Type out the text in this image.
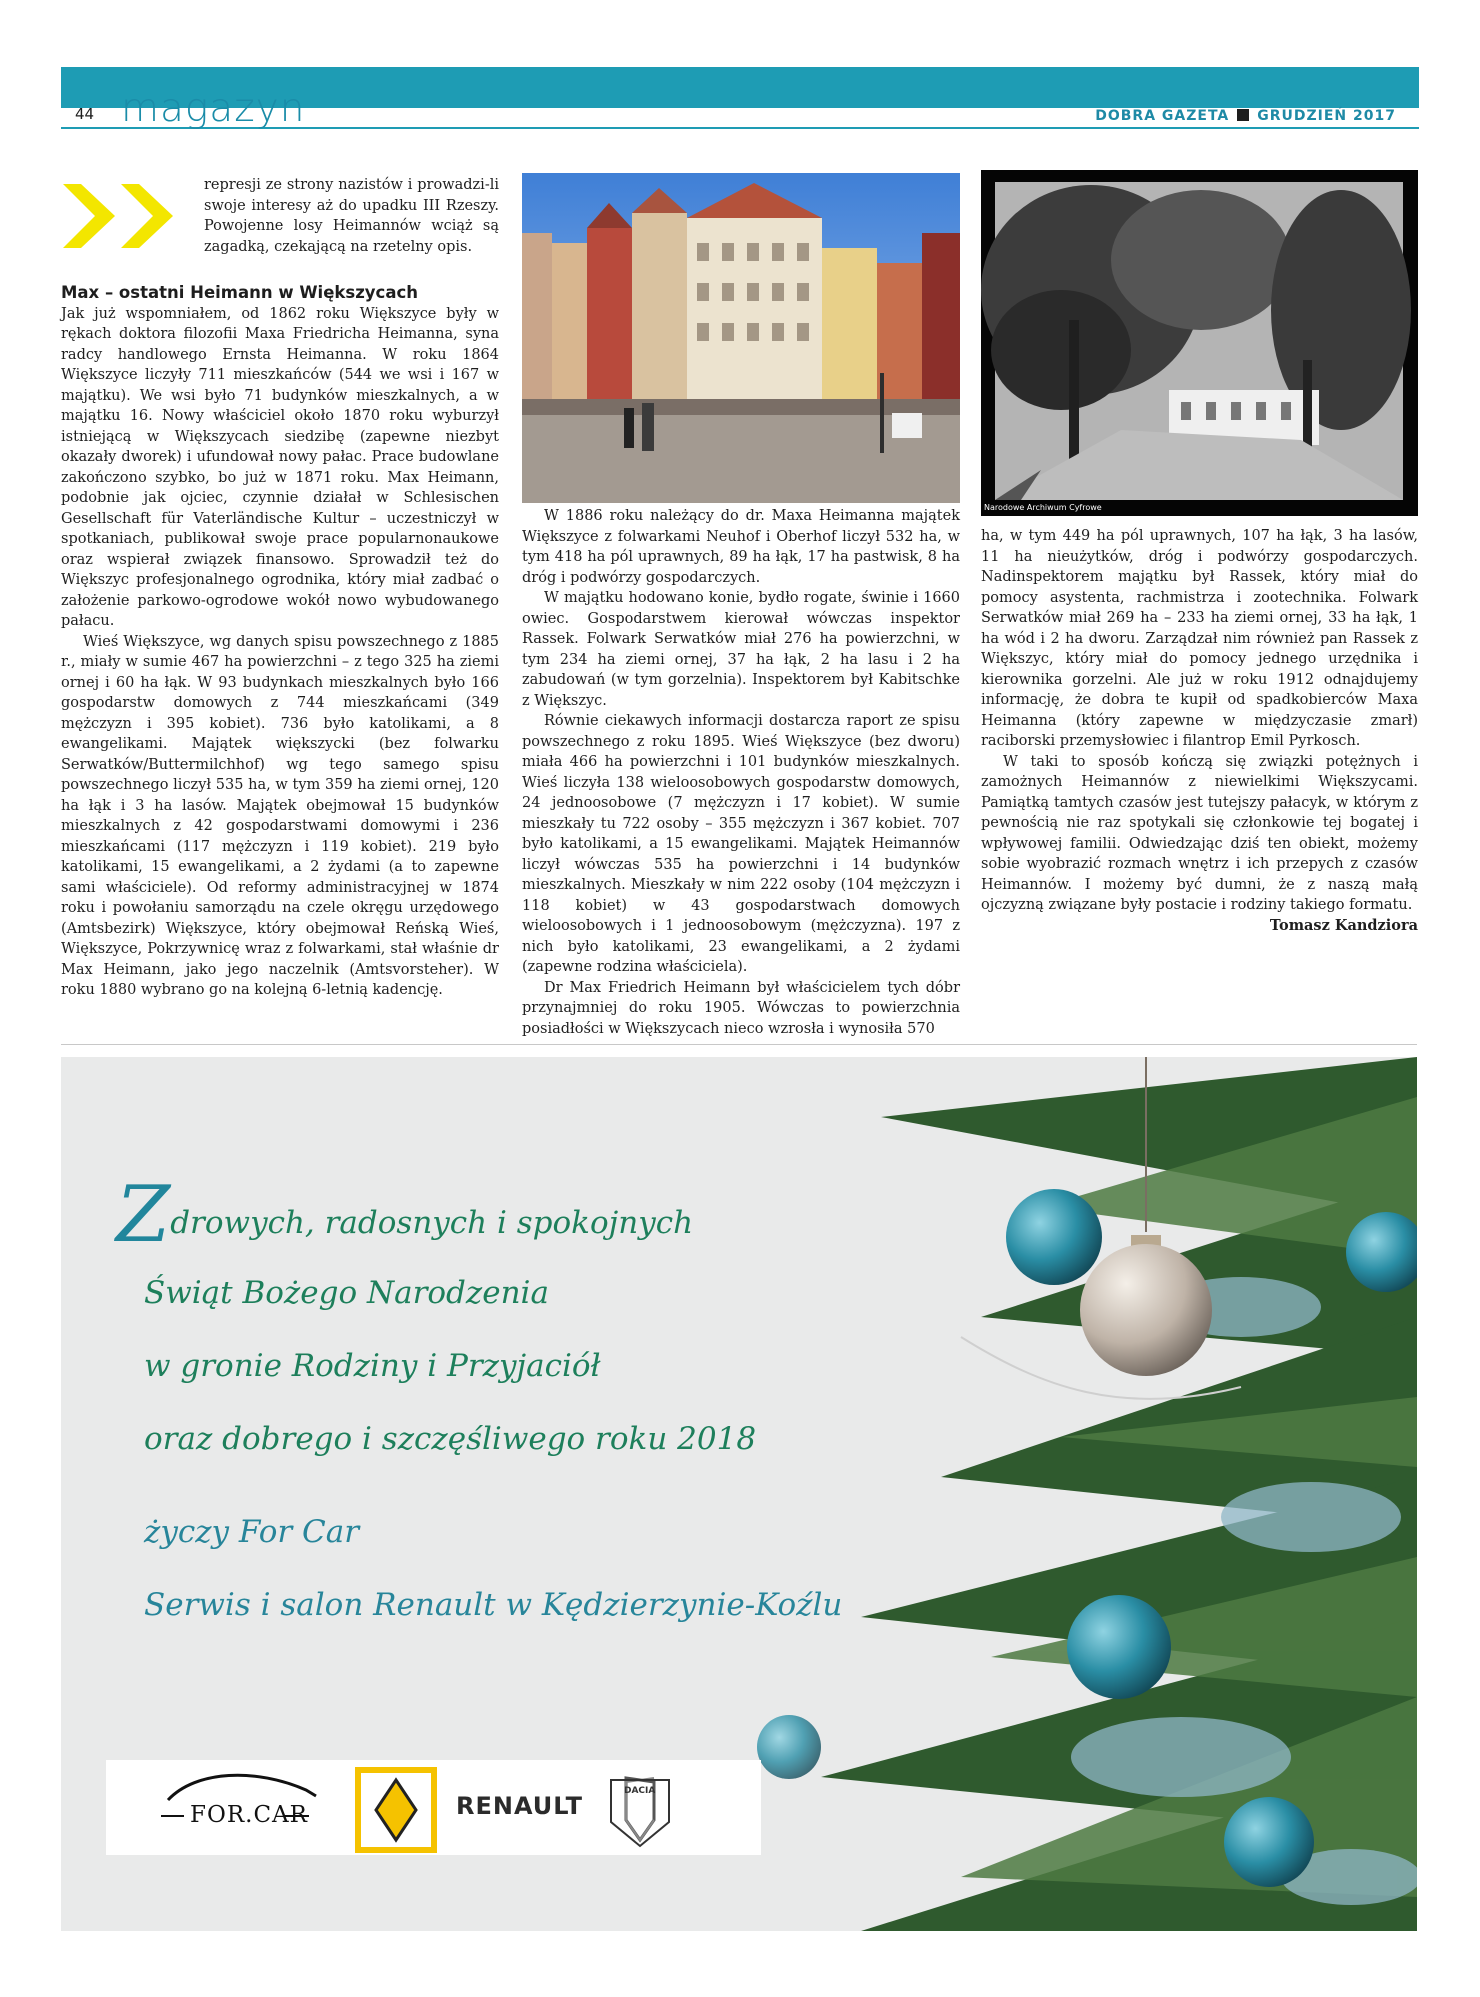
44 magazyn	DOBRA GAZETA GRUDZIEŃ 2017

represji ze strony nazistów i prowadzi-li swoje interesy aż do upadku III Rzeszy. Powojenne losy Heimannów wciąż są zagadką, czekającą na rzetelny opis.

Max – ostatni Heimann w Większycach

Jak już wspomniałem, od 1862 roku Większyce były w rękach doktora filozofii Maxa Friedricha Heimanna, syna radcy handlowego Ernsta Heimanna. W roku 1864 Większyce liczyły 711 mieszkańców (544 we wsi i 167 w majątku). We wsi było 71 budynków mieszkalnych, a w majątku 16. Nowy właściciel około 1870 roku wyburzył istniejącą w Większycach siedzibę (zapewne niezbyt okazały dworek) i ufundował nowy pałac. Prace budowlane zakończono szybko, bo już w 1871 roku. Max Heimann, podobnie jak ojciec, czynnie działał w Schlesischen Gesellschaft für Vaterländische Kultur – uczestniczył w spotkaniach, publikował swoje prace popularnonaukowe oraz wspierał związek finansowo. Sprowadził też do Większyc profesjonalnego ogrodnika, który miał zadbać o założenie parkowo-ogrodowe wokół nowo wybudowanego pałacu.

Wieś Większyce, wg danych spisu powszechnego z 1885 r., miały w sumie 467 ha powierzchni – z tego 325 ha ziemi ornej i 60 ha łąk. W 93 budynkach mieszkalnych było 166 gospodarstw domowych z 744 mieszkańcami (349 mężczyzn i 395 kobiet). 736 było katolikami, a 8 ewangelikami. Majątek większycki (bez folwarku Serwatków/Buttermilchhof) wg tego samego spisu powszechnego liczył 535 ha, w tym 359 ha ziemi ornej, 120 ha łąk i 3 ha lasów. Majątek obejmował 15 budynków mieszkalnych z 42 gospodarstwami domowymi i 236 mieszkańcami (117 mężczyzn i 119 kobiet). 219 było katolikami, 15 ewangelikami, a 2 żydami (a to zapewne sami właściciele). Od reformy administracyjnej w 1874 roku i powołaniu samorządu na czele okręgu urzędowego (Amtsbezirk) Większyce, który obejmował Reńską Wieś, Większyce, Pokrzywnicę wraz z folwarkami, stał właśnie dr Max Heimann, jako jego naczelnik (Amtsvorsteher). W roku 1880 wybrano go na kolejną 6-letnią kadencję.

W 1886 roku należący do dr. Maxa Heimanna majątek Większyce z folwarkami Neuhof i Oberhof liczył 532 ha, w tym 418 ha pól uprawnych, 89 ha łąk, 17 ha pastwisk, 8 ha dróg i podwórzy gospodarczych.

W majątku hodowano konie, bydło rogate, świnie i 1660 owiec. Gospodarstwem kierował wówczas inspektor Rassek. Folwark Serwatków miał 276 ha powierzchni, w tym 234 ha ziemi ornej, 37 ha łąk, 2 ha lasu i 2 ha zabudowań (w tym gorzelnia). Inspektorem był Kabitschke z Większyc.

Równie ciekawych informacji dostarcza raport ze spisu powszechnego z roku 1895. Wieś Większyce (bez dworu) miała 466 ha powierzchni i 101 budynków mieszkalnych. Wieś liczyła 138 wieloosobowych gospodarstw domowych, 24 jednoosobowe (7 mężczyzn i 17 kobiet). W sumie mieszkały tu 722 osoby – 355 mężczyzn i 367 kobiet. 707 było katolikami, a 15 ewangelikami. Majątek Heimannów liczył wówczas 535 ha powierzchni i 14 budynków mieszkalnych. Mieszkały w nim 222 osoby (104 mężczyzn i 118 kobiet) w 43 gospodarstwach domowych wieloosobowych i 1 jednoosobowym (mężczyzna). 197 z nich było katolikami, 23 ewangelikami, a 2 żydami (zapewne rodzina właściciela).

Dr Max Friedrich Heimann był właścicielem tych dóbr przynajmniej do roku 1905. Wówczas to powierzchnia posiadłości w Większycach nieco wzrosła i wynosiła 570

Narodowe Archiwum Cyfrowe

ha, w tym 449 ha pól uprawnych, 107 ha łąk, 3 ha lasów, 11 ha nieużytków, dróg i podwórzy gospodarczych. Nadinspektorem majątku był Rassek, który miał do pomocy asystenta, rachmistrza i zootechnika. Folwark Serwatków miał 269 ha – 233 ha ziemi ornej, 33 ha łąk, 1 ha wód i 2 ha dworu. Zarządzał nim również pan Rassek z Większyc, który miał do pomocy jednego urzędnika i kierownika gorzelni. Ale już w roku 1912 odnajdujemy informację, że dobra te kupił od spadkobierców Maxa Heimanna (który zapewne w międzyczasie zmarł) raciborski przemysłowiec i filantrop Emil Pyrkosch.

W taki to sposób kończą się związki potężnych i zamożnych Heimannów z niewielkimi Większycami. Pamiątką tamtych czasów jest tutejszy pałacyk, w którym z pewnością nie raz spotykali się członkowie tej bogatej i wpływowej familii. Odwiedzając dziś ten obiekt, możemy sobie wyobrazić rozmach wnętrz i ich przepych z czasów Heimannów. I możemy być dumni, że z naszą małą ojczyzną związane były postacie i rodziny takiego formatu.

Tomasz Kandziora

Zdrowych, radosnych i spokojnych
Świąt Bożego Narodzenia
w gronie Rodziny i Przyjaciół
oraz dobrego i szczęśliwego roku 2018
życzy For Car
Serwis i salon Renault w Kędzierzynie-Koźlu
FOR.CAR	RENAULT
DACIA
